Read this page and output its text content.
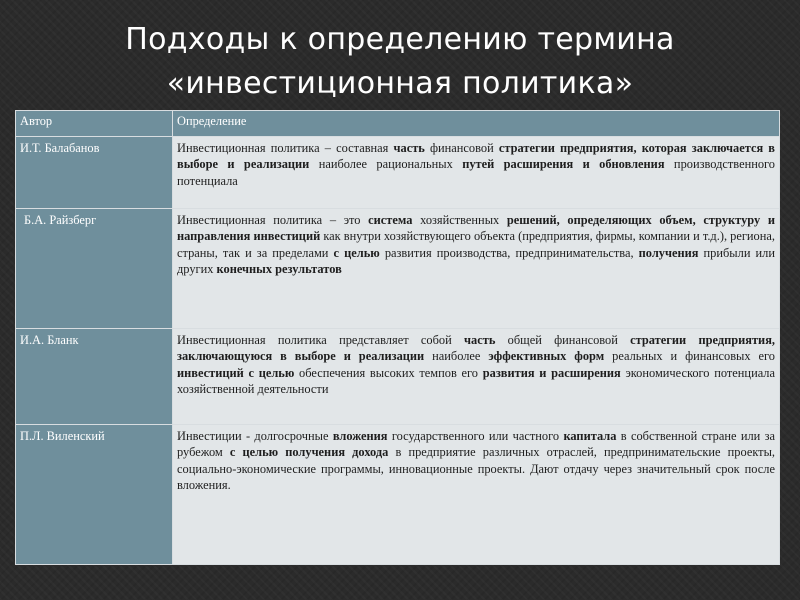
Подходы к определению термина
«инвестиционная политика»
Автор	Определение
И.Т. Балабанов	Инвестиционная политика – составная часть финансовой стратегии предприятия, которая заключается в выборе и реализации наиболее рациональных путей расширения и обновления производственного потенциала
Б.А. Райзберг	Инвестиционная политика – это система хозяйственных решений, определяющих объем, структуру и направления инвестиций как внутри хозяйствующего объекта (предприятия, фирмы, компании и т.д.), региона, страны, так и за пределами с целью развития производства, предпринимательства, получения прибыли или других конечных результатов
И.А. Бланк	Инвестиционная политика представляет собой часть общей финансовой стратегии предприятия, заключающуюся в выборе и реализации наиболее эффективных форм реальных и финансовых его инвестиций с целью обеспечения высоких темпов его развития и расширения экономического потенциала хозяйственной деятельности
П.Л. Виленский	Инвестиции - долгосрочные вложения государственного или частного капитала в собственной стране или за рубежом с целью получения дохода в предприятие различных отраслей, предпринимательские проекты, социально-экономические программы, инновационные проекты. Дают отдачу через значительный срок после вложения.
